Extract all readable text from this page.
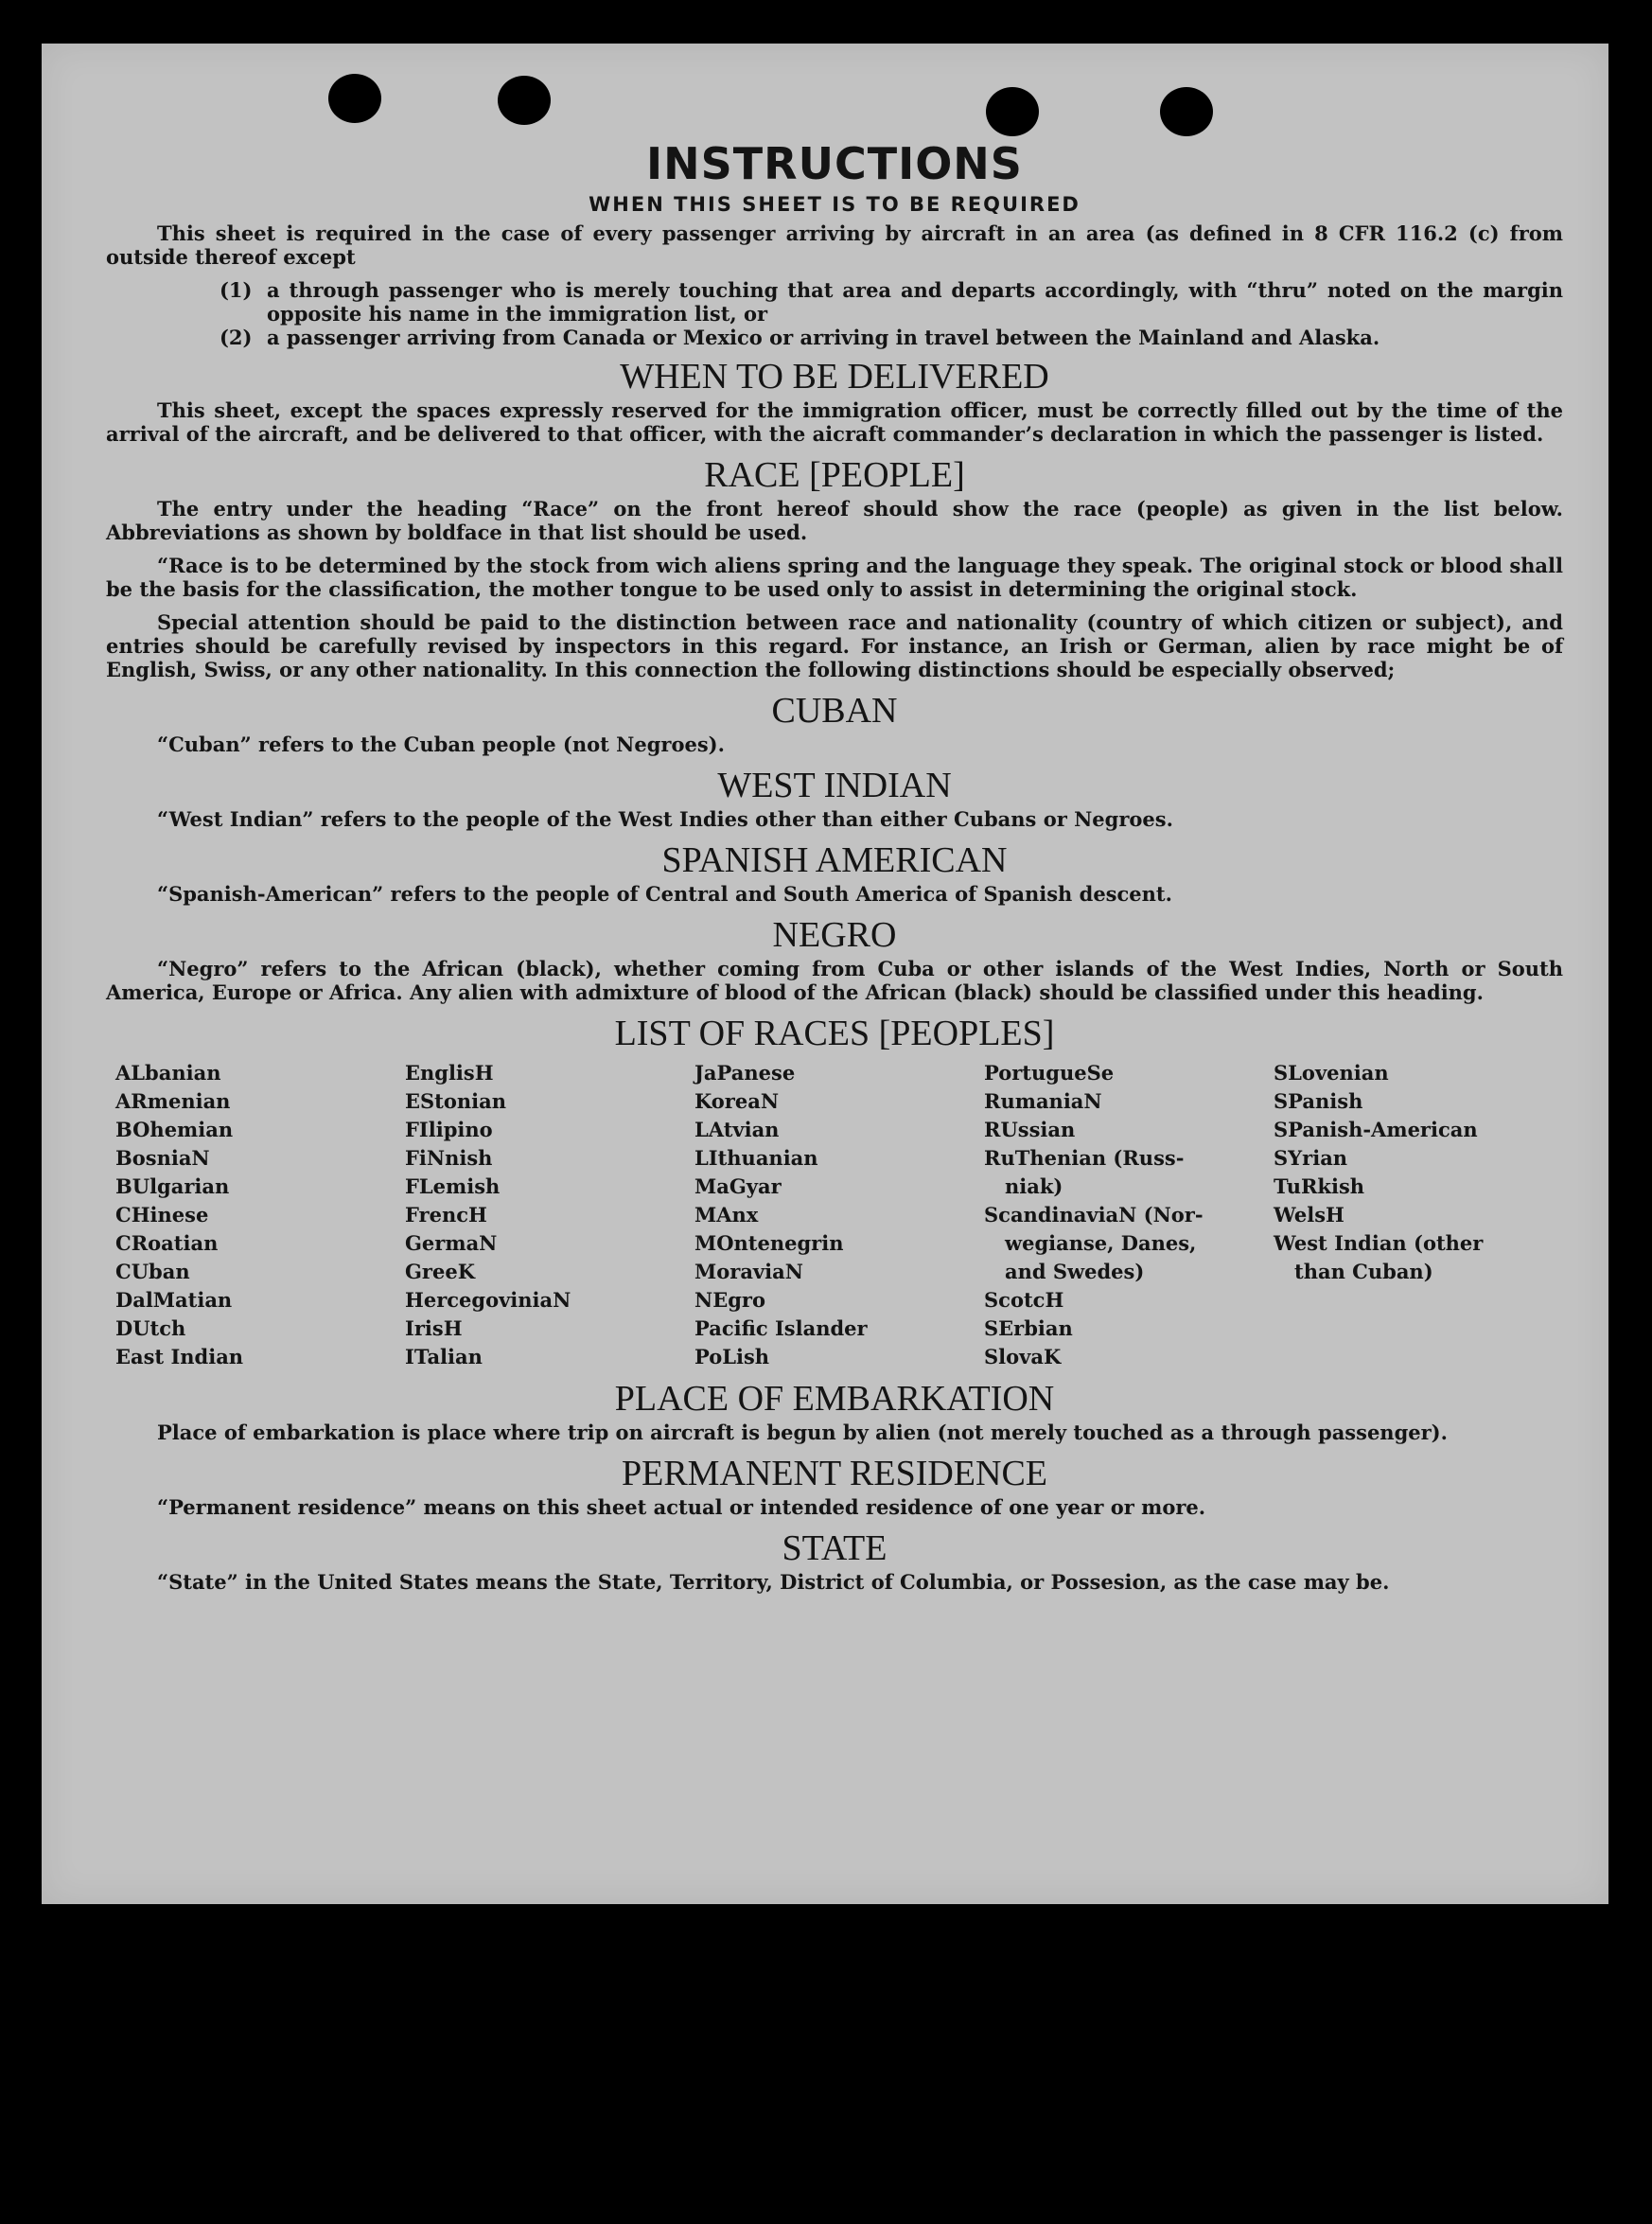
INSTRUCTIONS
WHEN THIS SHEET IS TO BE REQUIRED

This sheet is required in the case of every passenger arriving by aircraft in an area (as defined in 8 CFR 116.2 (c) from outside thereof except

(1) a through passenger who is merely touching that area and departs accordingly, with “thru” noted on the margin opposite his name in the immigration list, or
(2) a passenger arriving from Canada or Mexico or arriving in travel between the Mainland and Alaska.
WHEN TO BE DELIVERED

This sheet, except the spaces expressly reserved for the immigration officer, must be correctly filled out by the time of the arrival of the aircraft, and be delivered to that officer, with the aicraft commander’s declaration in which the passenger is listed.

RACE [PEOPLE]

The entry under the heading “Race” on the front hereof should show the race (people) as given in the list below. Abbreviations as shown by boldface in that list should be used.

“Race is to be determined by the stock from wich aliens spring and the language they speak. The original stock or blood shall be the basis for the classification, the mother tongue to be used only to assist in determining the original stock.

Special attention should be paid to the distinction between race and nationality (country of which citizen or subject), and entries should be carefully revised by inspectors in this regard. For instance, an Irish or German, alien by race might be of English, Swiss, or any other nationality. In this connection the following distinctions should be especially observed;

CUBAN

“Cuban” refers to the Cuban people (not Negroes).

WEST INDIAN

“West Indian” refers to the people of the West Indies other than either Cubans or Negroes.

SPANISH AMERICAN

“Spanish-American” refers to the people of Central and South America of Spanish descent.

NEGRO

“Negro” refers to the African (black), whether coming from Cuba or other islands of the West Indies, North or South America, Europe or Africa. Any alien with admixture of blood of the African (black) should be classified under this heading.

LIST OF RACES [PEOPLES]
ALbanian
ARmenian
BOhemian
BosniaN
BUlgarian
CHinese
CRoatian
CUban
DalMatian
DUtch
East Indian
EnglisH
EStonian
FIlipino
FiNnish
FLemish
FrencH
GermaN
GreeK
HercegoviniaN
IrisH
ITalian
JaPanese
KoreaN
LAtvian
LIthuanian
MaGyar
MAnx
MOntenegrin
MoraviaN
NEgro
Pacific Islander
PoLish
PortugueSe
RumaniaN
RUssian
RuThenian (Russ-
niak)
ScandinaviaN (Nor-
wegianse, Danes,
and Swedes)
ScotcH
SErbian
SlovaK
SLovenian
SPanish
SPanish-American
SYrian
TuRkish
WelsH
West Indian (other
than Cuban)
PLACE OF EMBARKATION

Place of embarkation is place where trip on aircraft is begun by alien (not merely touched as a through passenger).

PERMANENT RESIDENCE

“Permanent residence” means on this sheet actual or intended residence of one year or more.

STATE

“State” in the United States means the State, Territory, District of Columbia, or Possesion, as the case may be.
